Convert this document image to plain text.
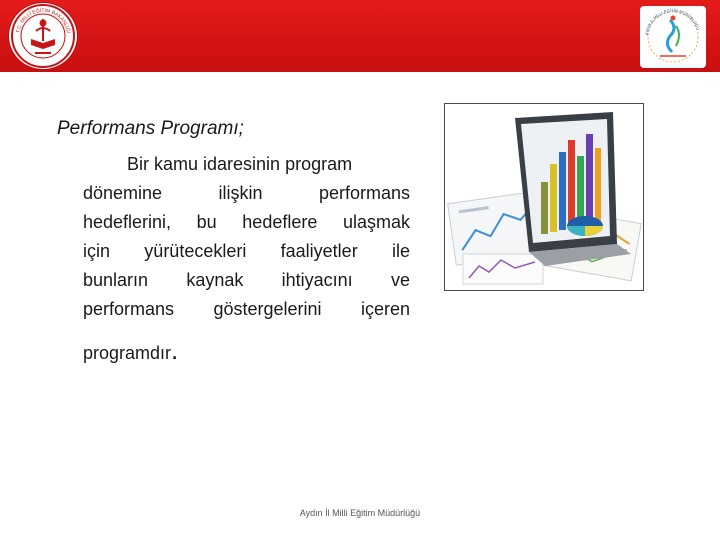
T.C. MİLLÎ EĞİTİM BAKANLIĞI
AYDIN İL MİLLİ EĞİTİM MÜDÜRLÜĞÜ
Performans Programı;
Bir kamu idaresinin program
dönemine ilişkin performans
hedeflerini, bu hedeflere ulaşmak
için yürütecekleri faaliyetler ile
bunların kaynak ihtiyacını ve
performans göstergelerini içeren
programdır.
Aydın İl Milli Eğitim Müdürlüğü
